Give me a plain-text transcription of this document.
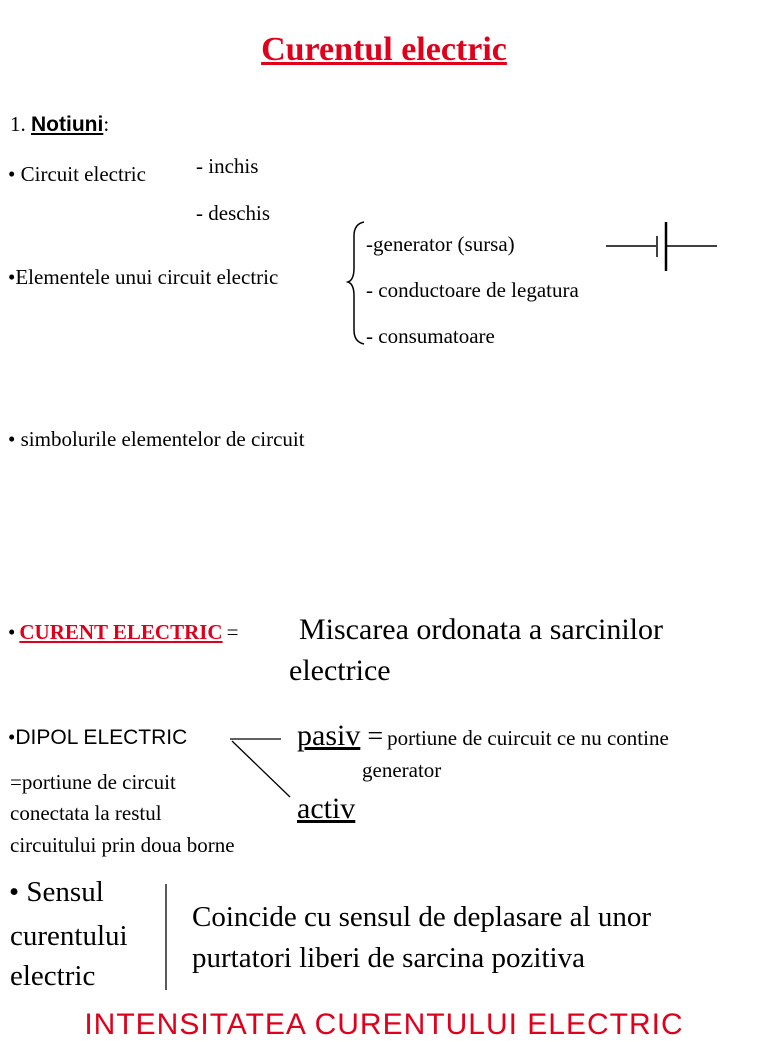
Curentul electric
1. Notiuni:
• Circuit electric - inchis
- deschis
•Elementele unui circuit electric
-generator (sursa)
- conductoare de legatura
- consumatoare
• simbolurile elementelor de circuit
• CURENT ELECTRIC = Miscarea ordonata a sarcinilor
electrice
•DIPOL ELECTRIC
=portiune de circuit
conectata la restul
circuitului prin doua borne
pasiv = portiune de cuircuit ce nu contine
generator
activ
• Sensul
curentului
electric
Coincide cu sensul de deplasare al unor
purtatori liberi de sarcina pozitiva
INTENSITATEA CURENTULUI ELECTRIC
